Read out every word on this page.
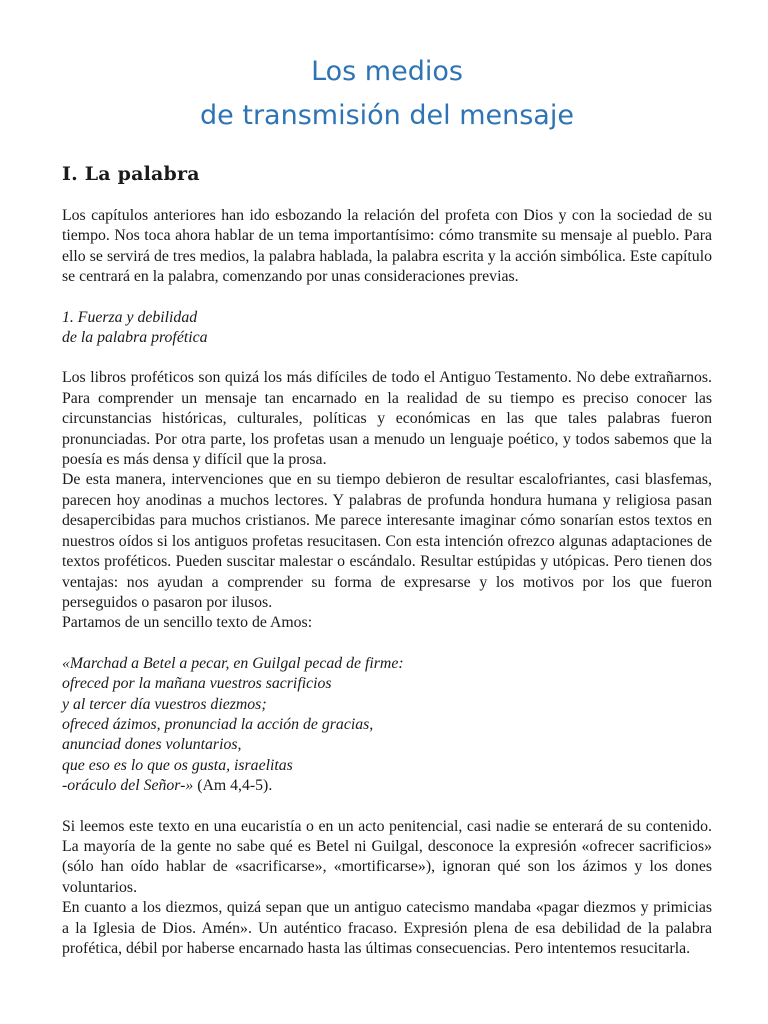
Los medios
de transmisión del mensaje
I. La palabra

Los capítulos anteriores han ido esbozando la relación del profeta con Dios y con la sociedad de su tiempo. Nos toca ahora hablar de un tema importantísimo: cómo transmite su mensaje al pueblo. Para ello se servirá de tres medios, la palabra hablada, la palabra escrita y la acción simbólica. Este capítulo se centrará en la palabra, comenzando por unas consideraciones previas.

1. Fuerza y debilidad
de la palabra profética

Los libros proféticos son quizá los más difíciles de todo el Antiguo Testamento. No debe extrañarnos. Para comprender un mensaje tan encarnado en la realidad de su tiempo es preciso conocer las circunstancias históricas, culturales, políticas y económicas en las que tales palabras fueron pronunciadas. Por otra parte, los profetas usan a menudo un lenguaje poético, y todos sabemos que la poesía es más densa y difícil que la prosa.

De esta manera, intervenciones que en su tiempo debieron de resultar escalofriantes, casi blasfemas, parecen hoy anodinas a muchos lectores. Y palabras de profunda hondura humana y religiosa pasan desapercibidas para muchos cristianos. Me parece interesante imaginar cómo sonarían estos textos en nuestros oídos si los antiguos profetas resucitasen. Con esta intención ofrezco algunas adaptaciones de textos proféticos. Pueden suscitar malestar o escándalo. Resultar estúpidas y utópicas. Pero tienen dos ventajas: nos ayudan a comprender su forma de expresarse y los motivos por los que fueron perseguidos o pasaron por ilusos.

Partamos de un sencillo texto de Amos:

«Marchad a Betel a pecar, en Guilgal pecad de firme:
ofreced por la mañana vuestros sacrificios
y al tercer día vuestros diezmos;
ofreced ázimos, pronunciad la acción de gracias,
anunciad dones voluntarios,
que eso es lo que os gusta, israelitas
-oráculo del Señor-» (Am 4,4-5).

Si leemos este texto en una eucaristía o en un acto penitencial, casi nadie se enterará de su contenido. La mayoría de la gente no sabe qué es Betel ni Guilgal, desconoce la expresión «ofrecer sacrificios» (sólo han oído hablar de «sacrificarse», «mortificarse»), ignoran qué son los ázimos y los dones voluntarios.

En cuanto a los diezmos, quizá sepan que un antiguo catecismo mandaba «pagar diezmos y primicias a la Iglesia de Dios. Amén». Un auténtico fracaso. Expresión plena de esa debilidad de la palabra profética, débil por haberse encarnado hasta las últimas consecuencias. Pero intentemos resucitarla.
